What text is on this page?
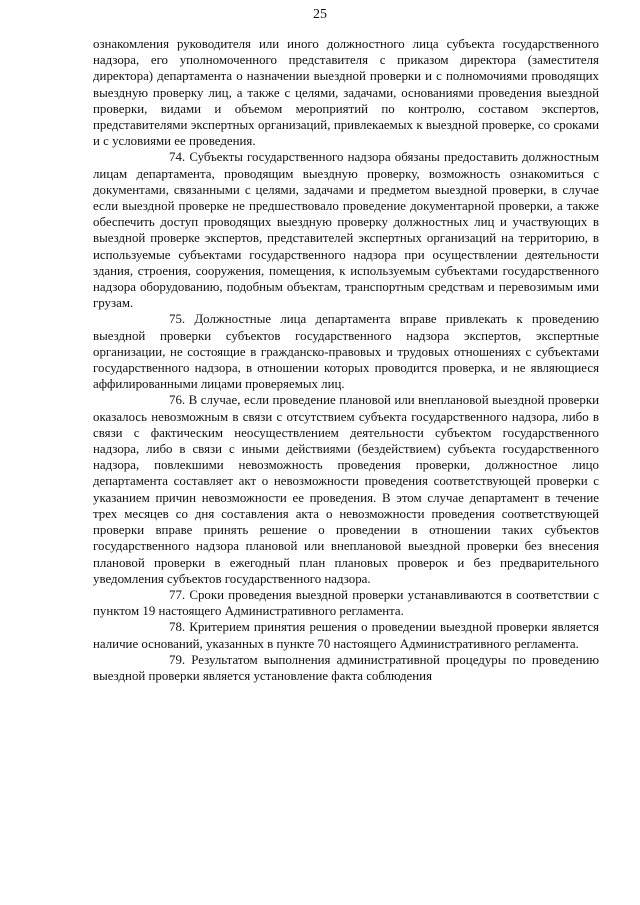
25

ознакомления руководителя или иного должностного лица субъекта государственного надзора, его уполномоченного представителя с приказом директора (заместителя директора) департамента о назначении выездной проверки и с полномочиями проводящих выездную проверку лиц, а также с целями, задачами, основаниями проведения выездной проверки, видами и объемом мероприятий по контролю, составом экспертов, представителями экспертных организаций, привлекаемых к выездной проверке, со сроками и с условиями ее проведения.

74. Субъекты государственного надзора обязаны предоставить должностным лицам департамента, проводящим выездную проверку, возможность ознакомиться с документами, связанными с целями, задачами и предметом выездной проверки, в случае если выездной проверке не предшествовало проведение документарной проверки, а также обеспечить доступ проводящих выездную проверку должностных лиц и участвующих в выездной проверке экспертов, представителей экспертных организаций на территорию, в используемые субъектами государственного надзора при осуществлении деятельности здания, строения, сооружения, помещения, к используемым субъектами государственного надзора оборудованию, подобным объектам, транспортным средствам и перевозимым ими грузам.

75. Должностные лица департамента вправе привлекать к проведению выездной проверки субъектов государственного надзора экспертов, экспертные организации, не состоящие в гражданско-правовых и трудовых отношениях с субъектами государственного надзора, в отношении которых проводится проверка, и не являющиеся аффилированными лицами проверяемых лиц.

76. В случае, если проведение плановой или внеплановой выездной проверки оказалось невозможным в связи с отсутствием субъекта государственного надзора, либо в связи с фактическим неосуществлением деятельности субъектом государственного надзора, либо в связи с иными действиями (бездействием) субъекта государственного надзора, повлекшими невозможность проведения проверки, должностное лицо департамента составляет акт о невозможности проведения соответствующей проверки с указанием причин невозможности ее проведения. В этом случае департамент в течение трех месяцев со дня составления акта о невозможности проведения соответствующей проверки вправе принять решение о проведении в отношении таких субъектов государственного надзора плановой или внеплановой выездной проверки без внесения плановой проверки в ежегодный план плановых проверок и без предварительного уведомления субъектов государственного надзора.

77. Сроки проведения выездной проверки устанавливаются в соответствии с пунктом 19 настоящего Административного регламента.

78. Критерием принятия решения о проведении выездной проверки является наличие оснований, указанных в пункте 70 настоящего Административного регламента.

79. Результатом выполнения административной процедуры по проведению выездной проверки является установление факта соблюдения
